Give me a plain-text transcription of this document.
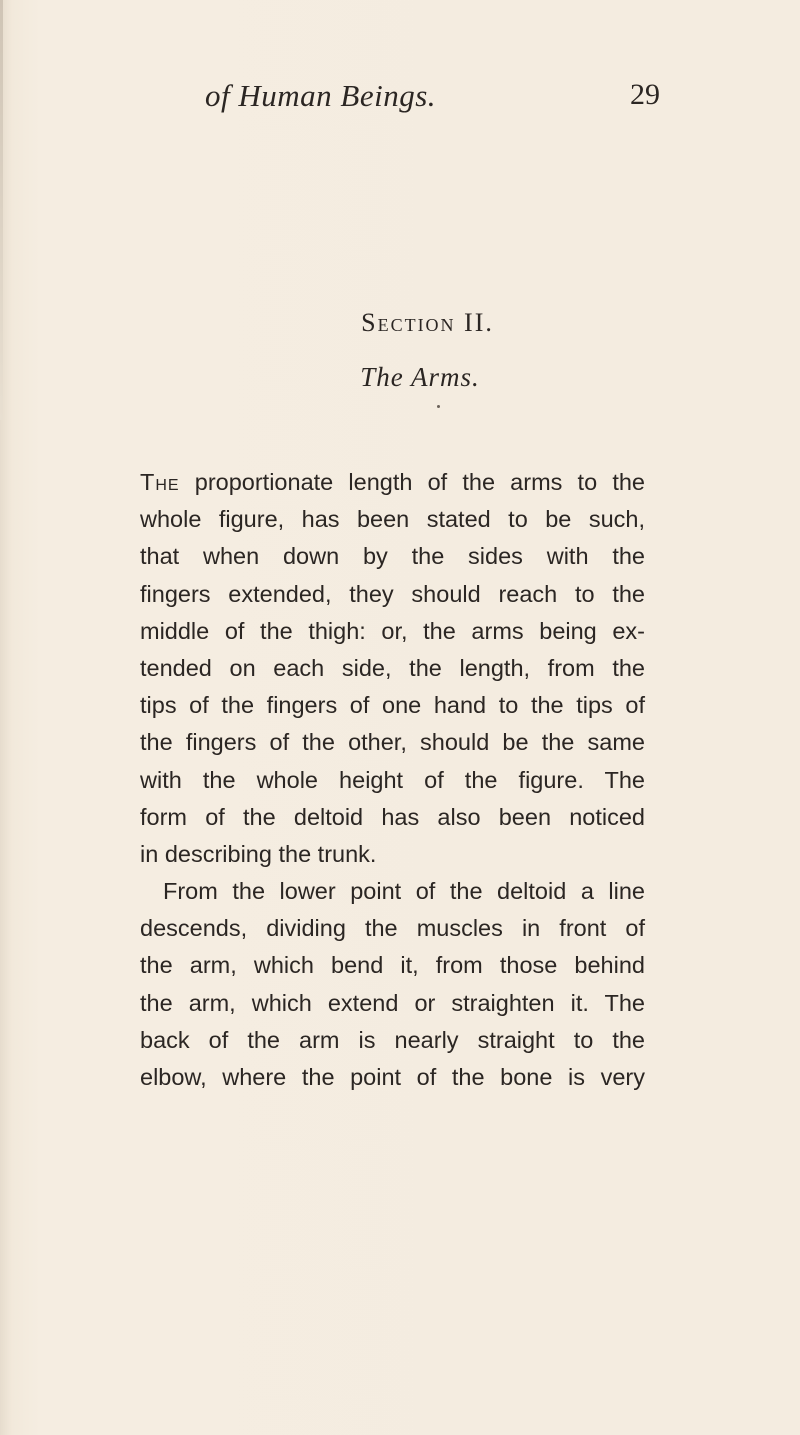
of Human Beings.	29
Section II.
The Arms.
The proportionate length of the arms to the
whole figure, has been stated to be such,
that when down by the sides with the
fingers extended, they should reach to the
middle of the thigh: or, the arms being ex-
tended on each side, the length, from the
tips of the fingers of one hand to the tips of
the fingers of the other, should be the same
with the whole height of the figure. The
form of the deltoid has also been noticed
in describing the trunk.
From the lower point of the deltoid a line
descends, dividing the muscles in front of
the arm, which bend it, from those behind
the arm, which extend or straighten it. The
back of the arm is nearly straight to the
elbow, where the point of the bone is very
